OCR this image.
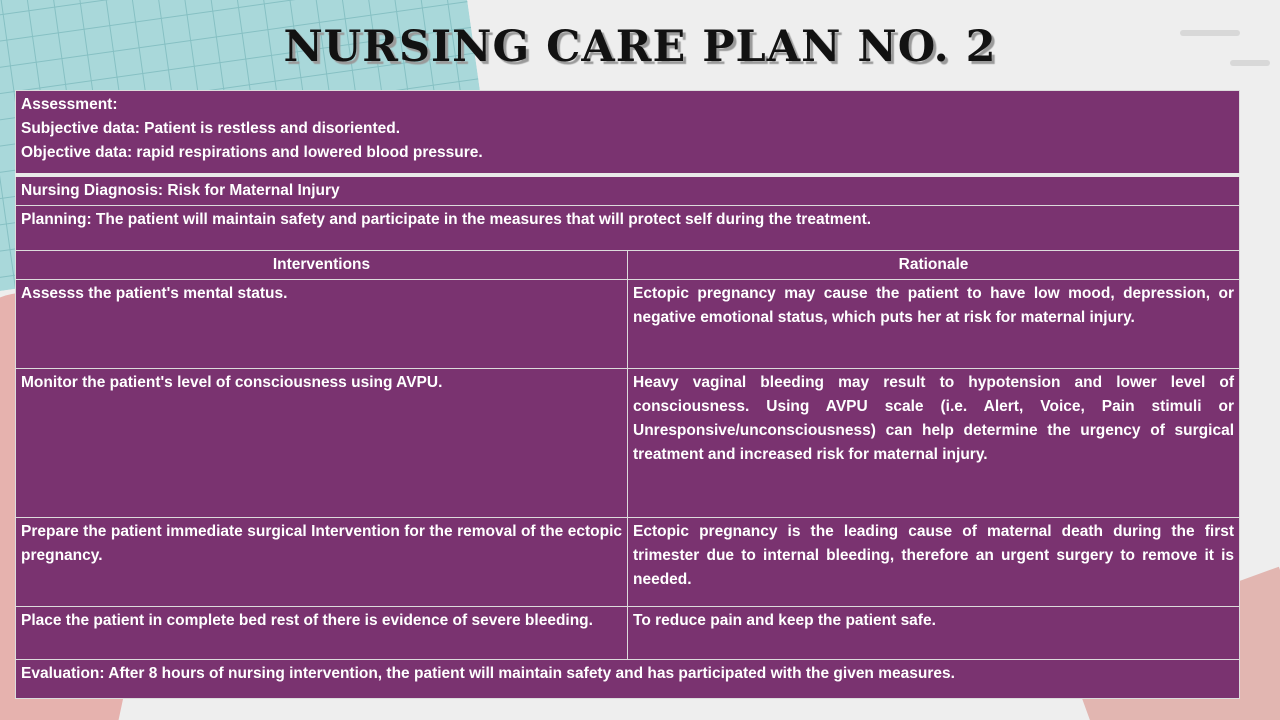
NURSING CARE PLAN NO. 2
Assessment:
Subjective data: Patient is restless and disoriented.
Objective data: rapid respirations and lowered blood pressure.	

Nursing Diagnosis: Risk for Maternal Injury	
Planning: The patient will maintain safety and participate in the measures that will protect self during the treatment.	
Interventions	Rationale
Assesss the patient's mental status.	Ectopic pregnancy may cause the patient to have low mood, depression, or negative emotional status, which puts her at risk for maternal injury.
Monitor the patient's level of consciousness using AVPU.	Heavy vaginal bleeding may result to hypotension and lower level of consciousness. Using AVPU scale (i.e. Alert, Voice, Pain stimuli or Unresponsive/unconsciousness) can help determine the urgency of surgical treatment and increased risk for maternal injury.
Prepare the patient immediate surgical Intervention for the removal of the ectopic pregnancy.	Ectopic pregnancy is the leading cause of maternal death during the first trimester due to internal bleeding, therefore an urgent surgery to remove it is needed.
Place the patient in complete bed rest of there is evidence of severe bleeding.	To reduce pain and keep the patient safe.
Evaluation: After 8 hours of nursing intervention, the patient will maintain safety and has participated with the given measures.	
